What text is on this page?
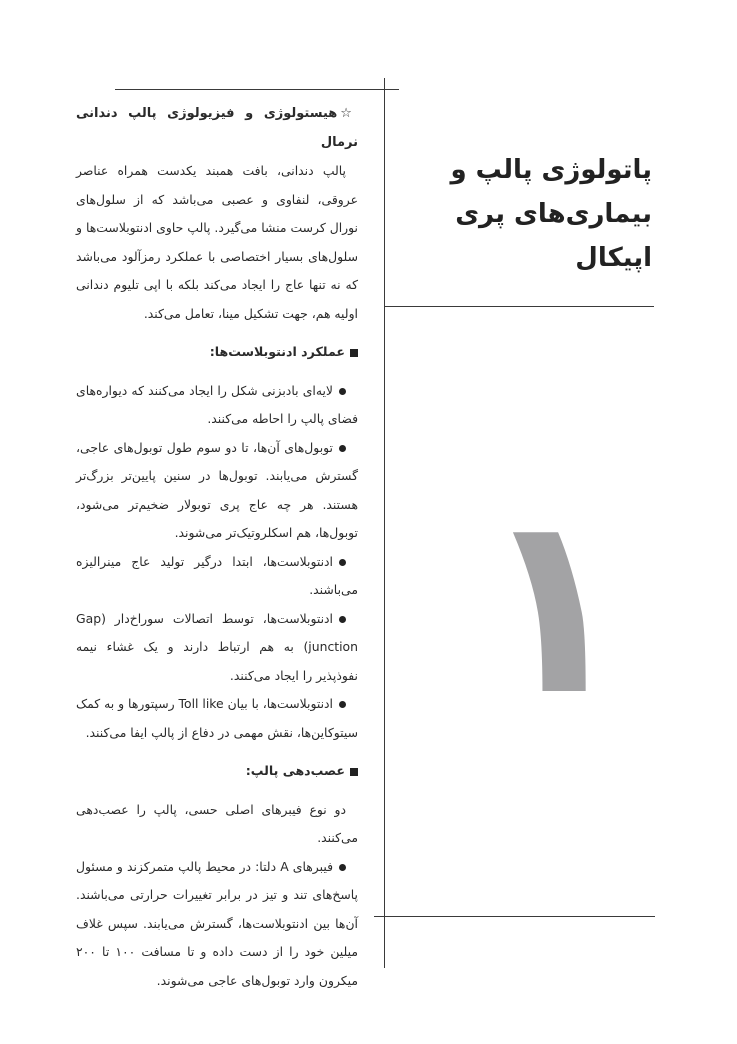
پاتولوژی پالپ و
بیماری‌های پری اپیکال
۱

☆هیستولوژی و فیزیولوژی پالپ دندانی نرمال

پالپ دندانی، بافت همبند یکدست همراه عناصر عروقی، لنفاوی و عصبی می‌باشد که از سلول‌های نورال کرست منشا می‌گیرد. پالپ حاوی ادنتوبلاست‌ها و سلول‌های بسیار اختصاصی با عملکرد رمزآلود می‌باشد که نه تنها عاج را ایجاد می‌کند بلکه با اپی تلیوم دندانی اولیه هم، جهت تشکیل مینا، تعامل می‌کند.

عملکرد ادنتوبلاست‌ها:

لایه‌ای بادبزنی شکل را ایجاد می‌کنند که دیواره‌های فضای پالپ را احاطه می‌کنند.

توبول‌های آن‌ها، تا دو سوم طول توبول‌های عاجی، گسترش می‌یابند. توبول‌ها در سنین پایین‌تر بزرگ‌تر هستند. هر چه عاج پری توبولار ضخیم‌تر می‌شود، توبول‌ها، هم اسکلروتیک‌تر می‌شوند.

ادنتوبلاست‌ها، ابتدا درگیر تولید عاج مینرالیزه می‌باشند.

ادنتوبلاست‌ها، توسط اتصالات سوراخ‌دار (Gap junction) به هم ارتباط دارند و یک غشاء نیمه نفوذپذیر را ایجاد می‌کنند.

ادنتوبلاست‌ها، با بیان Toll like رسپتورها و به کمک سیتوکاین‌ها، نقش مهمی در دفاع از پالپ ایفا می‌کنند.

عصب‌دهی پالپ:

دو نوع فیبرهای اصلی حسی، پالپ را عصب‌دهی می‌کنند.

فیبرهای A دلتا: در محیط پالپ متمرکزند و مسئول پاسخ‌های تند و تیز در برابر تغییرات حرارتی می‌باشند. آن‌ها بین ادنتوبلاست‌ها، گسترش می‌یابند. سپس غلاف میلین خود را از دست داده و تا مسافت ۱۰۰ تا ۲۰۰ میکرون وارد توبول‌های عاجی می‌شوند.
